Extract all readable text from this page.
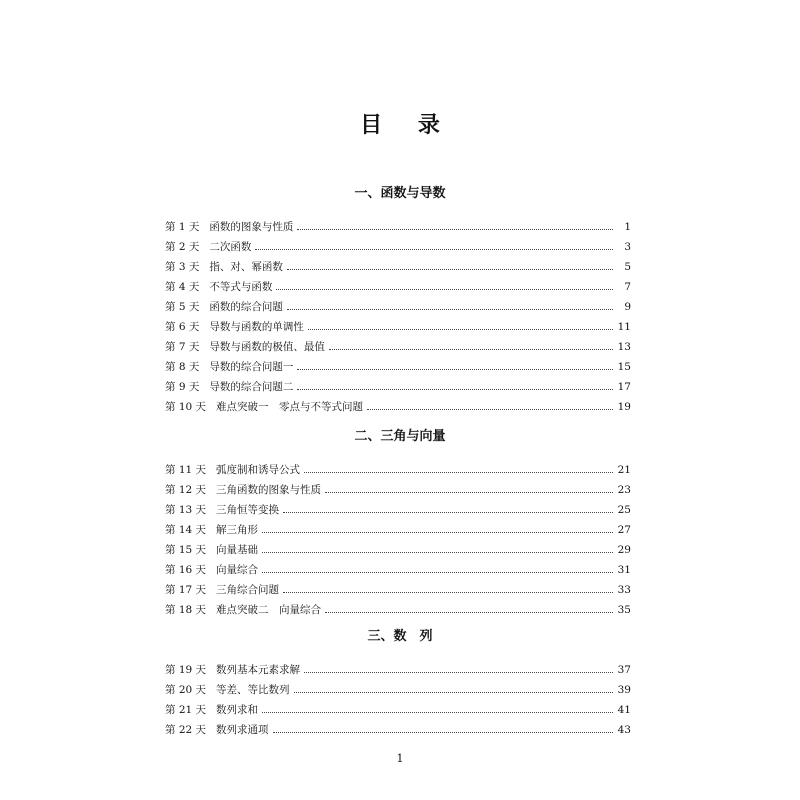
目 录
一、函数与导数
第 1 天 函数的图象与性质	1
第 2 天 二次函数	3
第 3 天 指、对、幂函数	5
第 4 天 不等式与函数	7
第 5 天 函数的综合问题	9
第 6 天 导数与函数的单调性	11
第 7 天 导数与函数的极值、最值	13
第 8 天 导数的综合问题一	15
第 9 天 导数的综合问题二	17
第 10 天 难点突破一　零点与不等式问题	19
二、三角与向量
第 11 天 弧度制和诱导公式	21
第 12 天 三角函数的图象与性质	23
第 13 天 三角恒等变换	25
第 14 天 解三角形	27
第 15 天 向量基础	29
第 16 天 向量综合	31
第 17 天 三角综合问题	33
第 18 天 难点突破二　向量综合	35
三、数　列
第 19 天 数列基本元素求解	37
第 20 天 等差、等比数列	39
第 21 天 数列求和	41
第 22 天 数列求通项	43
1
